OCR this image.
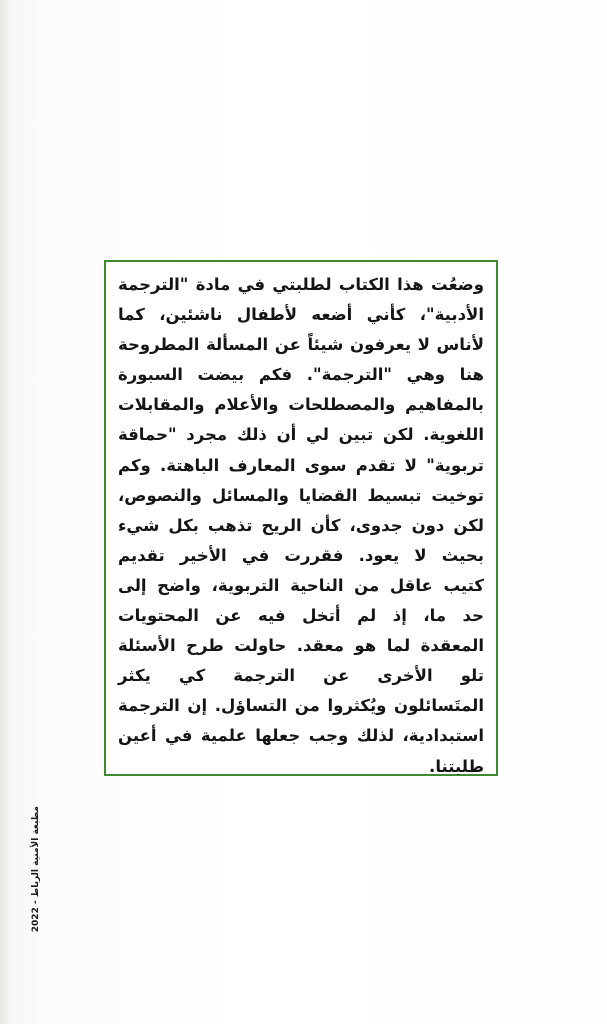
وضعُت هذا الكتاب لطلبتي في مادة "الترجمة
الأدبية"، كأني أضعه لأطفال ناشئين، كما
لأناس لا يعرفون شيئاً عن المسألة المطروحة
هنا وهي "الترجمة". فكم بيضت السبورة
بالمفاهيم والمصطلحات والأعلام والمقابلات
اللغوية. لكن تبين لي أن ذلك مجرد "حماقة
تربوية" لا تقدم سوى المعارف الباهتة. وكم
توخيت تبسيط القضايا والمسائل والنصوص،
لكن دون جدوى، كأن الريح تذهب بكل شيء
بحيث لا يعود. فقررت في الأخير تقديم
كتيب عاقل من الناحية التربوية، واضح إلى
حد ما، إذ لم أتخل فيه عن المحتويات
المعقدة لما هو معقد. حاولت طرح الأسئلة
تلو الأخرى عن الترجمة كي يكثر
المتَسائلون ويُكثروا من التساؤل. إن الترجمة
استبدادية، لذلك وجب جعلها علمية في أعين
طلبتنا.
مطبعة الأمنية الرباط - 2022
